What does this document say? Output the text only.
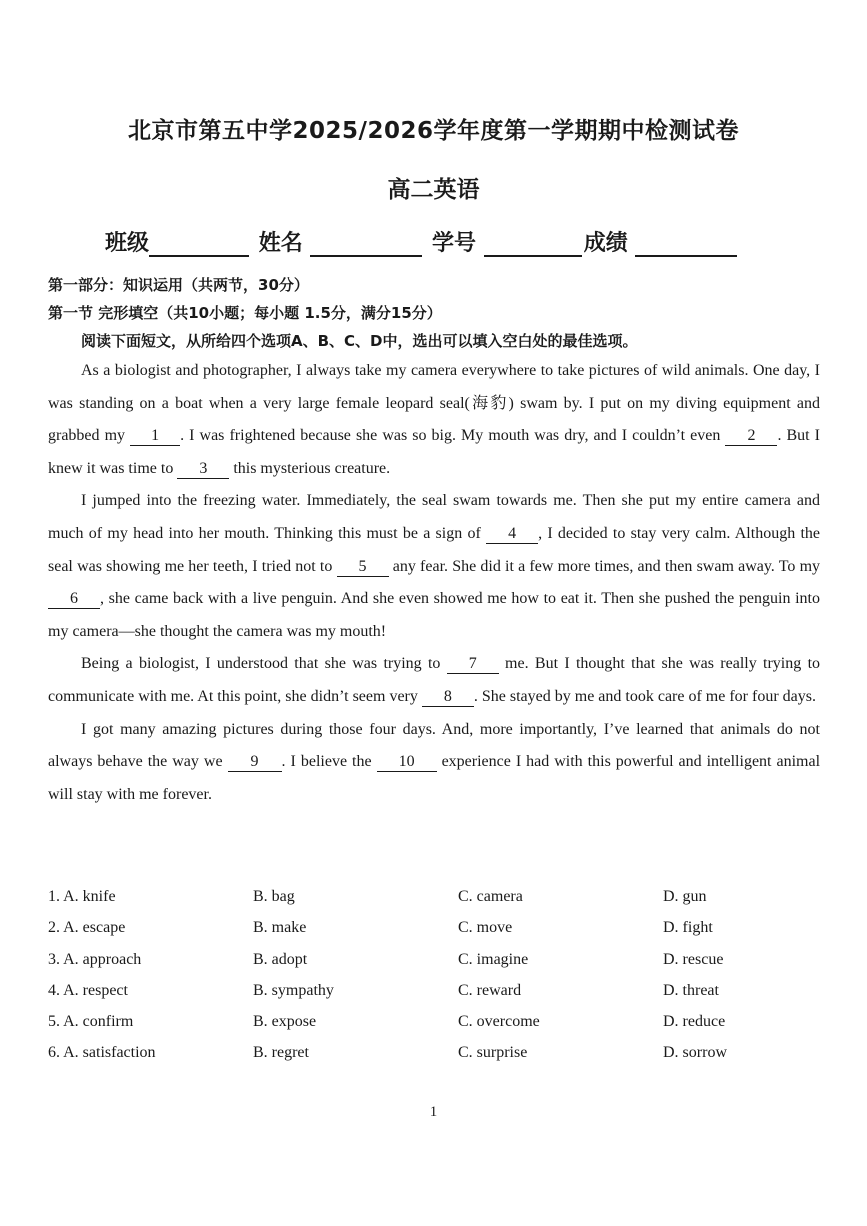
北京市第五中学2025/2026学年度第一学期期中检测试卷
高二英语
班级	姓名	学号	成绩
第一部分：知识运用（共两节，30分）
第一节 完形填空（共10小题；每小题 1.5分，满分15分）
阅读下面短文，从所给四个选项A、B、C、D中，选出可以填入空白处的最佳选项。

As a biologist and photographer, I always take my camera everywhere to take pictures of wild animals. One day, I was standing on a boat when a very large female leopard seal(海豹) swam by. I put on my diving equipment and grabbed my 1 . I was frightened because she was so big. My mouth was dry, and I couldn’t even 2 . But I knew it was time to 3 this mysterious creature.

I jumped into the freezing water. Immediately, the seal swam towards me. Then she put my entire camera and much of my head into her mouth. Thinking this must be a sign of 4 , I decided to stay very calm. Although the seal was showing me her teeth, I tried not to 5 any fear. She did it a few more times, and then swam away. To my 6 , she came back with a live penguin. And she even showed me how to eat it. Then she pushed the penguin into my camera—she thought the camera was my mouth!

Being a biologist, I understood that she was trying to 7 me. But I thought that she was really trying to communicate with me. At this point, she didn’t seem very 8 . She stayed by me and took care of me for four days.

I got many amazing pictures during those four days. And, more importantly, I’ve learned that animals do not always behave the way we 9 . I believe the 10 experience I had with this powerful and intelligent animal will stay with me forever.

1. A. knife	B. bag	C. camera	D. gun
2. A. escape	B. make	C. move	D. fight
3. A. approach	B. adopt	C. imagine	D. rescue
4. A. respect	B. sympathy	C. reward	D. threat
5. A. confirm	B. expose	C. overcome	D. reduce
6. A. satisfaction	B. regret	C. surprise	D. sorrow
1
